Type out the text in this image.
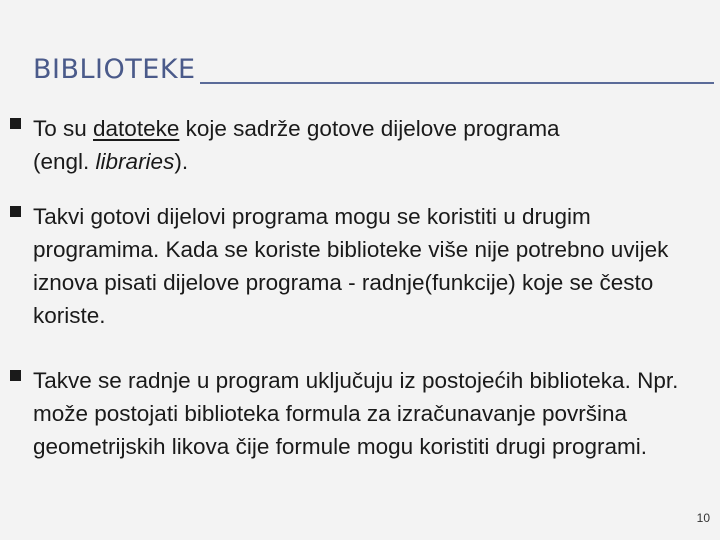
BIBLIOTEKE
To su datoteke koje sadrže gotove dijelove programa
(engl. libraries).
Takvi gotovi dijelovi programa mogu se koristiti u drugim programima. Kada se koriste biblioteke više nije potrebno uvijek iznova pisati dijelove programa - radnje(funkcije) koje se često koriste.
Takve se radnje u program uključuju iz postojećih biblioteka. Npr. može postojati biblioteka formula za izračunavanje površina geometrijskih likova čije formule mogu koristiti drugi programi.
10
